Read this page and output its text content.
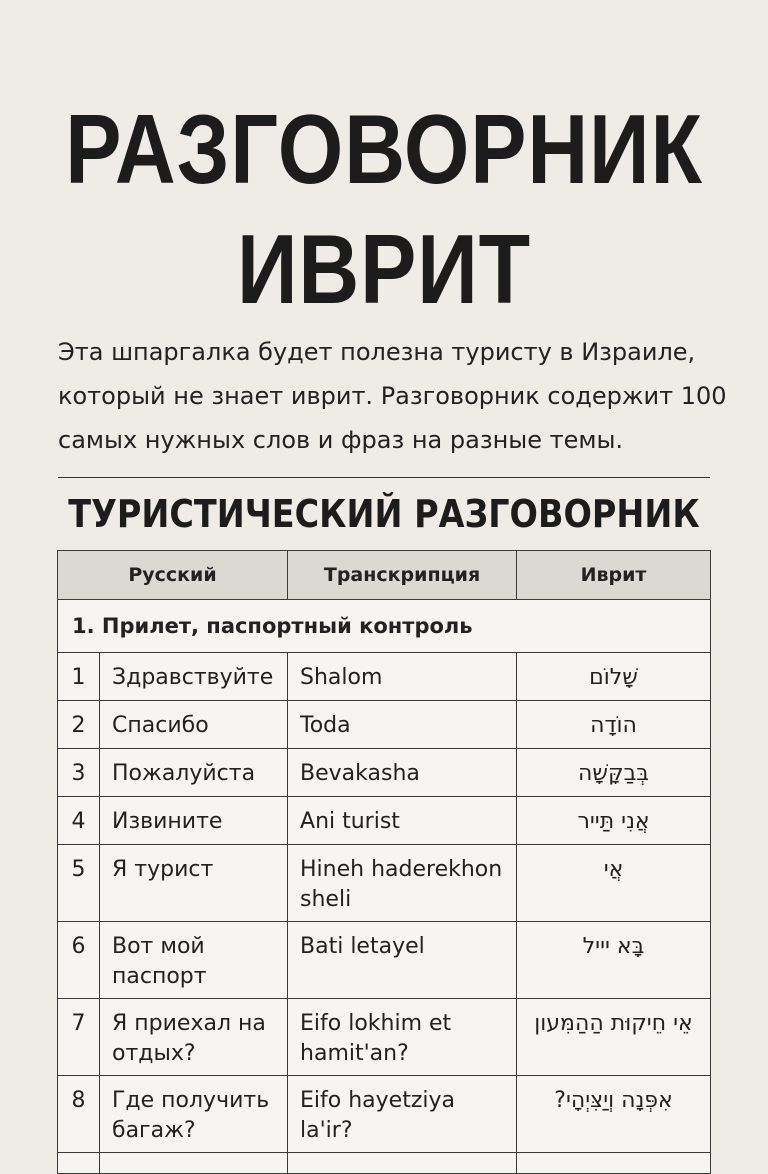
РАЗГОВОРНИК
ИВРИТ

Эта шпаргалка будет полезна туристу в Израиле,

который не знает иврит. Разговорник содержит 100

самых нужных слов и фраз на разные темы.

ТУРИСТИЧЕСКИЙ РАЗГОВОРНИК
Русский		Транскрипция	Иврит
1. Прилет, паспортный контроль			
1	Здравствуйте	Shalom	שָׁלוֹם
2	Спасибо	Toda	הוֹדָה
3	Пожалуйста	Bevakasha	בְּבַקָּשָׁה
4	Извините	Ani turist	אֲנִי תַּייר
5	Я турист	Hineh haderekhon sheli	אֲי
6	Вот мой паспорт	Bati letayel	בָּא יייל
7	Я приехал на отдых?	Eifo lokhim et hamit'an?	אֵי חֵיקוּת הַהַמִּעון
8	Где получить багаж?	Eifo hayetziya la'ir?	אִפְּנָה וְיַצִּיְהָי?
